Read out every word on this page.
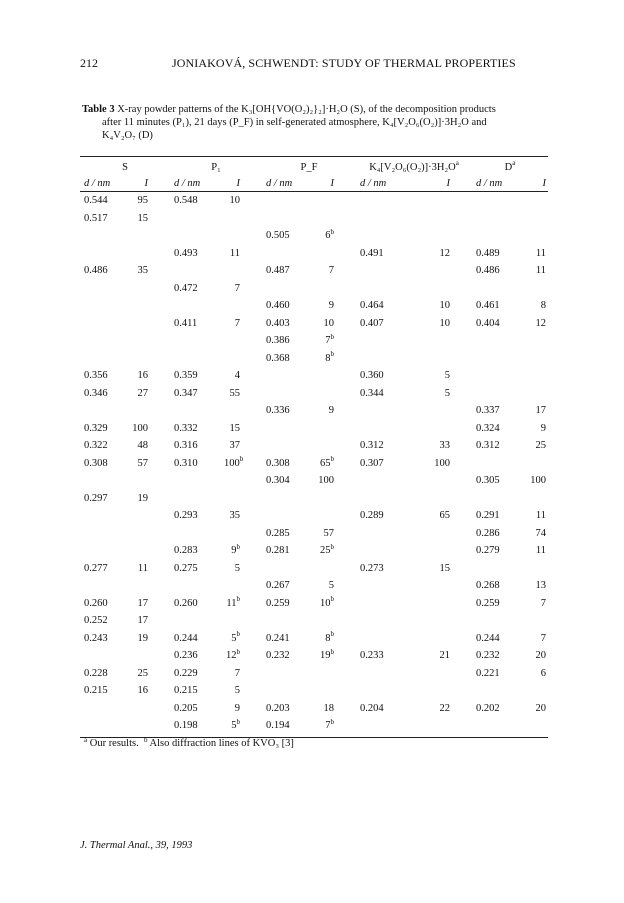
212	JONIAKOVÁ, SCHWENDT: STUDY OF THERMAL PROPERTIES
Table 3 X-ray powder patterns of the K₃[OH{VO(O₂)₂}₂]·H₂O (S), of the decomposition products
after 11 minutes (P₁), 21 days (P_F) in self-generated atmosphere, K₄[V₂O₆(O₂)]·3H₂O and
K₄V₂O₇ (D)
S		P₁		P_F		$K_4[V_2O_6(O_2)]\cdot 3H_2O^a$		$D^a$
d / nm	I	d / nm	I	d / nm	I	d / nm	I	d / nm	I
0.544	95	0.548	10						
0.517	15								
				0.505	6$^b$				
		0.493	11			0.491	12	0.489	11
0.486	35			0.487	7			0.486	11
		0.472	7						
				0.460	9	0.464	10	0.461	8
		0.411	7	0.403	10	0.407	10	0.404	12
				0.386	7$^b$				
				0.368	8$^b$				
0.356	16	0.359	4			0.360	5		
0.346	27	0.347	55			0.344	5		
				0.336	9			0.337	17
0.329	100	0.332	15					0.324	9
0.322	48	0.316	37			0.312	33	0.312	25
0.308	57	0.310	100$^b$	0.308	65$^b$	0.307	100		
				0.304	100			0.305	100
0.297	19								
		0.293	35			0.289	65	0.291	11
				0.285	57			0.286	74
		0.283	9$^b$	0.281	25$^b$			0.279	11
0.277	11	0.275	5			0.273	15		
				0.267	5			0.268	13
0.260	17	0.260	11$^b$	0.259	10$^b$			0.259	7
0.252	17								
0.243	19	0.244	5$^b$	0.241	8$^b$			0.244	7
		0.236	12$^b$	0.232	19$^b$	0.233	21	0.232	20
0.228	25	0.229	7					0.221	6
0.215	16	0.215	5						
		0.205	9	0.203	18	0.204	22	0.202	20
		0.198	5$^b$	0.194	7$^b$				
$^a$ Our results. $^b$ Also diffraction lines of KVO₃ [3]
J. Thermal Anal., 39, 1993
